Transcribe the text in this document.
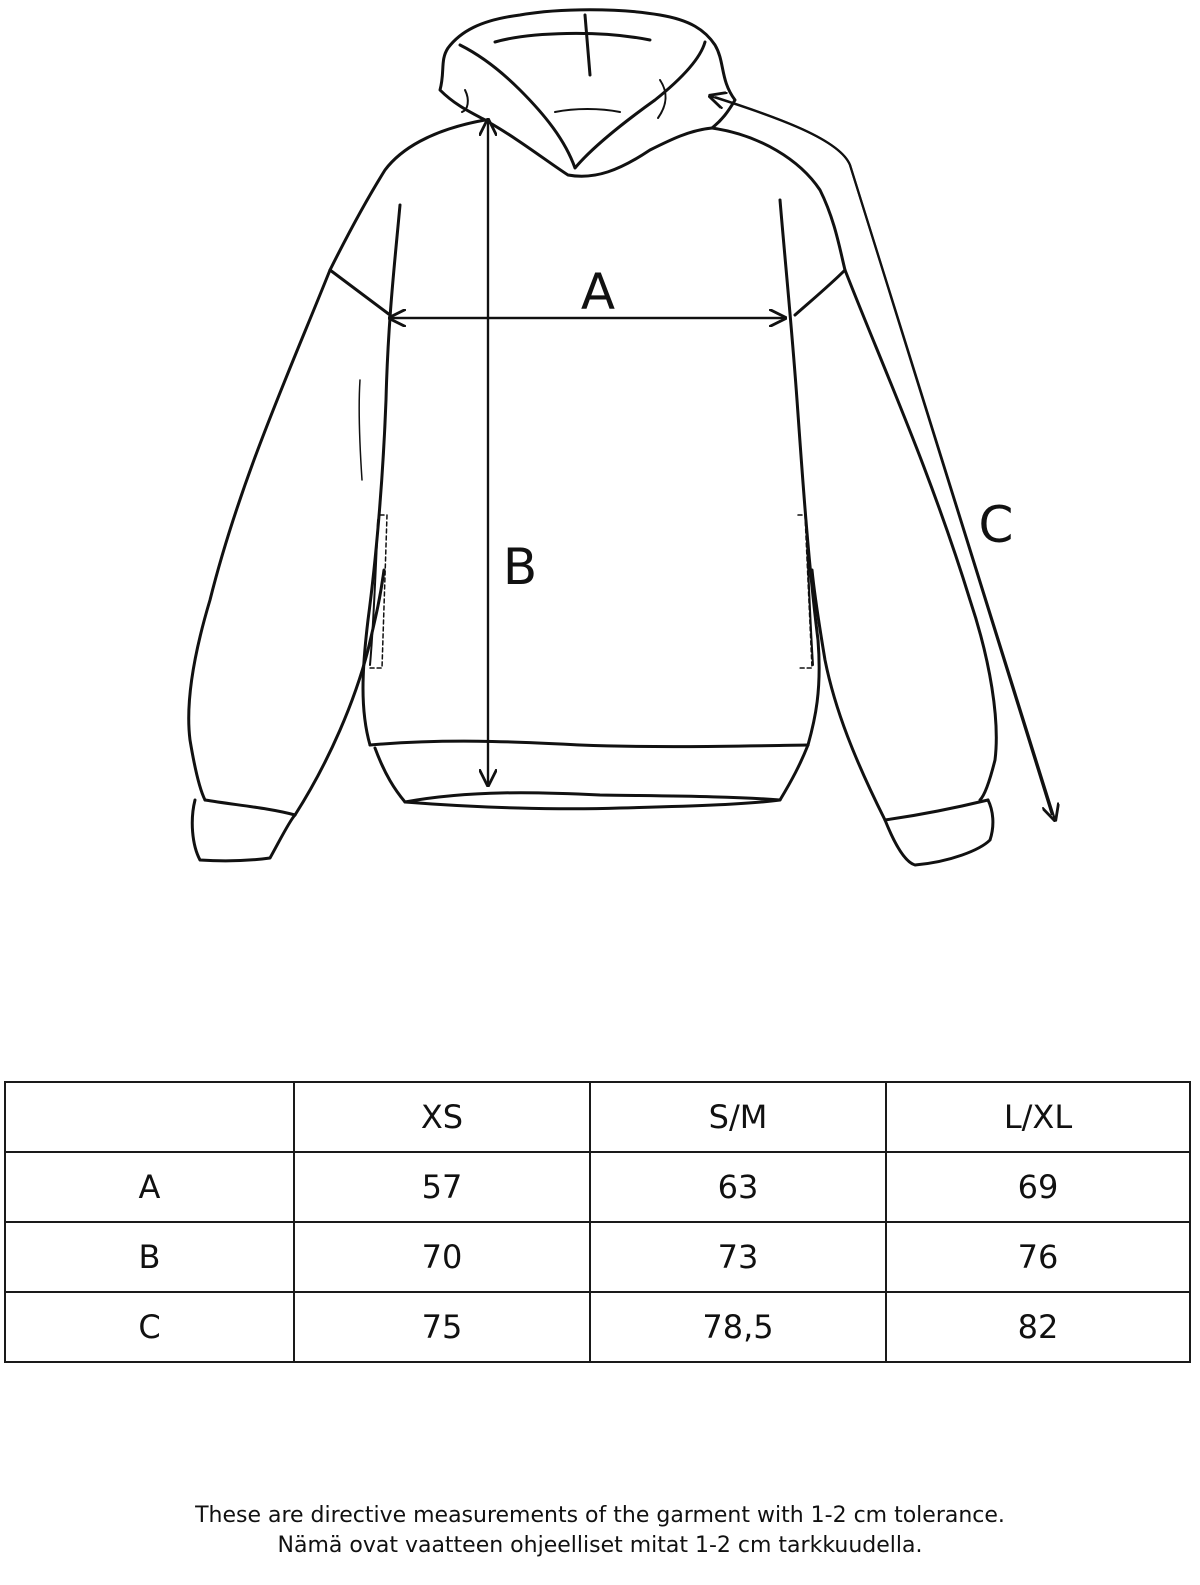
A
B
C
	XS	S/M	L/XL
A	57	63	69
B	70	73	76
C	75	78,5	82
These are directive measurements of the garment with 1-2 cm tolerance.
Nämä ovat vaatteen ohjeelliset mitat 1-2 cm tarkkuudella.
